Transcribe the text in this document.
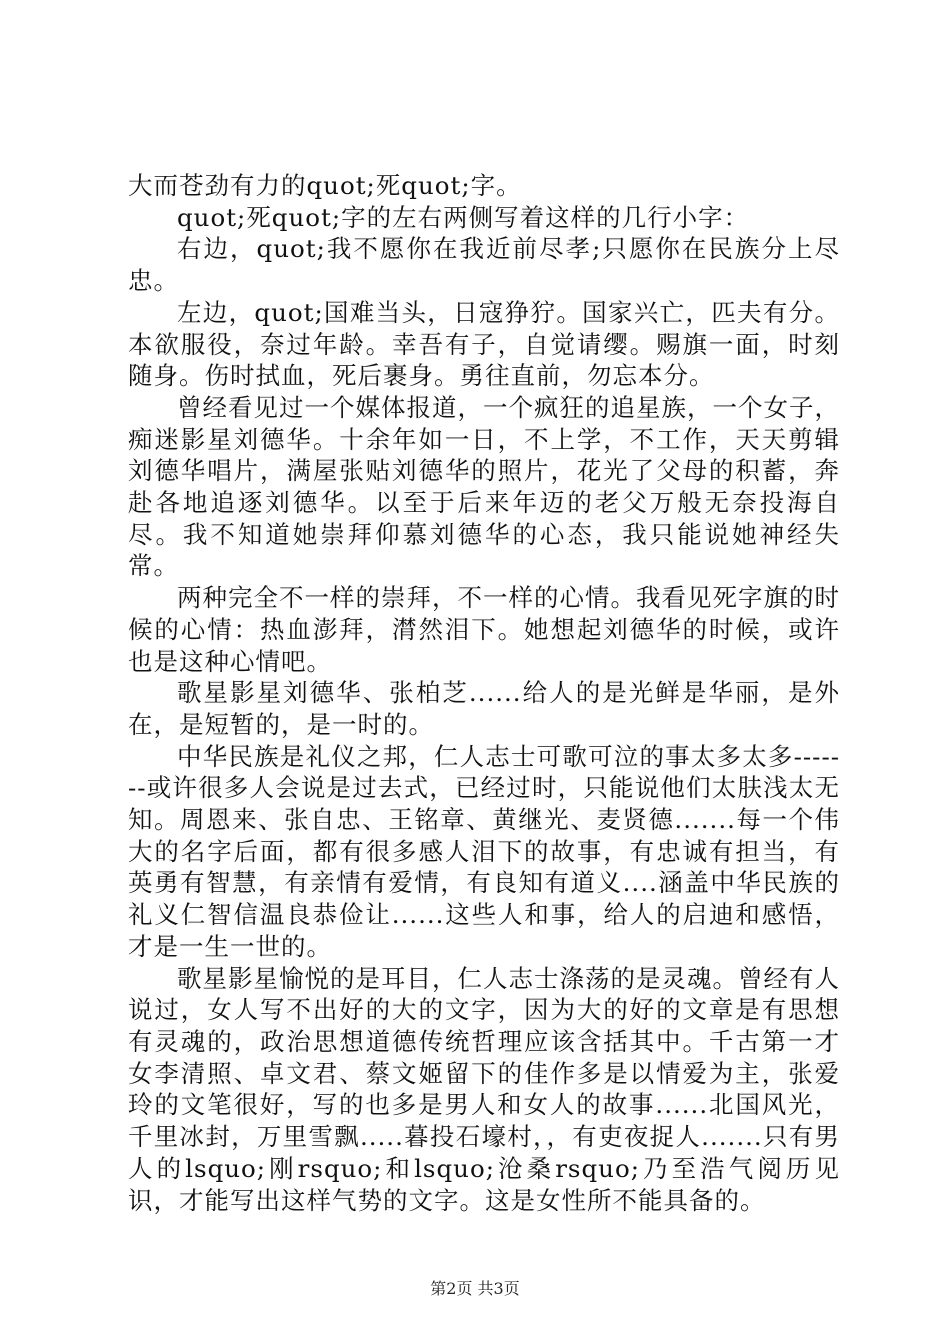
大而苍劲有力的quot;死quot;字。

quot;死quot;字的左右两侧写着这样的几行小字：

右边，quot;我不愿你在我近前尽孝;只愿你在民族分上尽忠。

左边，quot;国难当头，日寇狰狞。国家兴亡，匹夫有分。本欲服役，奈过年龄。幸吾有子，自觉请缨。赐旗一面，时刻随身。伤时拭血，死后裹身。勇往直前，勿忘本分。

曾经看见过一个媒体报道，一个疯狂的追星族，一个女子，痴迷影星刘德华。十余年如一日，不上学，不工作，天天剪辑刘德华唱片，满屋张贴刘德华的照片，花光了父母的积蓄，奔赴各地追逐刘德华。以至于后来年迈的老父万般无奈投海自尽。我不知道她崇拜仰慕刘德华的心态，我只能说她神经失常。

两种完全不一样的崇拜，不一样的心情。我看见死字旗的时候的心情：热血澎拜，潸然泪下。她想起刘德华的时候，或许也是这种心情吧。

歌星影星刘德华、张柏芝......给人的是光鲜是华丽，是外在，是短暂的，是一时的。

中华民族是礼仪之邦，仁人志士可歌可泣的事太多太多-------或许很多人会说是过去式，已经过时，只能说他们太肤浅太无知。周恩来、张自忠、王铭章、黄继光、麦贤德.......每一个伟大的名字后面，都有很多感人泪下的故事，有忠诚有担当，有英勇有智慧，有亲情有爱情，有良知有道义....涵盖中华民族的礼义仁智信温良恭俭让......这些人和事，给人的启迪和感悟，才是一生一世的。

歌星影星愉悦的是耳目，仁人志士涤荡的是灵魂。曾经有人说过，女人写不出好的大的文字，因为大的好的文章是有思想有灵魂的，政治思想道德传统哲理应该含括其中。千古第一才女李清照、卓文君、蔡文姬留下的佳作多是以情爱为主，张爱玲的文笔很好，写的也多是男人和女人的故事......北国风光，千里冰封，万里雪飘.....暮投石壕村，，有吏夜捉人.......只有男人的lsquo;刚rsquo;和lsquo;沧桑rsquo;乃至浩气阅历见识，才能写出这样气势的文字。这是女性所不能具备的。

第2页 共3页
